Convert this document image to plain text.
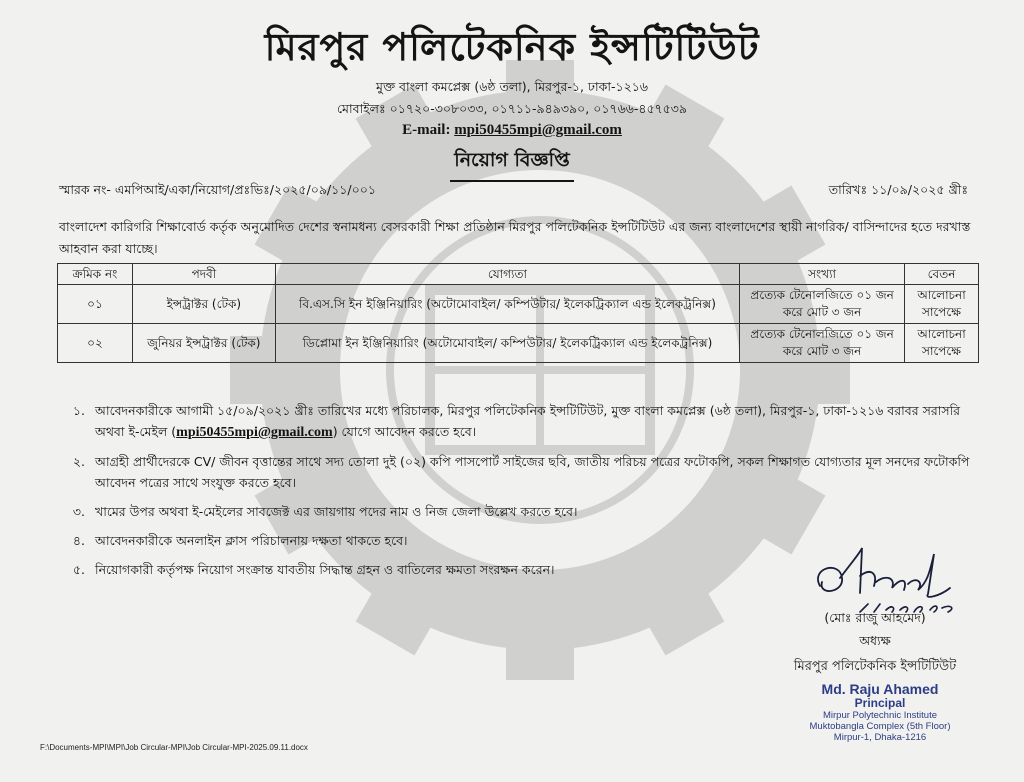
মিরপুর পলিটেকনিক ইন্সটিটিউট
মুক্ত বাংলা কমপ্লেক্স (৬ষ্ঠ তলা), মিরপুর-১, ঢাকা-১২১৬
মোবাইলঃ ০১৭২০-৩০৮০৩৩, ০১৭১১-৯৪৯৩৯০, ০১৭৬৬-৪৫৭৫৩৯
E-mail: mpi50455mpi@gmail.com
নিয়োগ বিজ্ঞপ্তি
স্মারক নং- এমপিআই/একা/নিয়োগ/প্রঃভিঃ/২০২৫/০৯/১১/০০১	তারিখঃ ১১/০৯/২০২৫ খ্রীঃ
বাংলাদেশ কারিগরি শিক্ষাবোর্ড কর্তৃক অনুমোদিত দেশের স্বনামধন্য বেসরকারী শিক্ষা প্রতিষ্ঠান মিরপুর পলিটেকনিক ইন্সটিটিউট এর জন্য বাংলাদেশের স্থায়ী নাগরিক/ বাসিন্দাদের হতে দরখাস্ত আহবান করা যাচ্ছে।
ক্রমিক নং	পদবী	যোগ্যতা	সংখ্যা	বেতন
০১	ইন্সট্রাক্টর (টেক)	বি.এস.সি ইন ইঞ্জিনিয়ারিং (অটোমোবাইল/ কম্পিউটার/ ইলেকট্রিক্যাল এন্ড ইলেকট্রনিক্স)	প্রত্যেক টেনোলজিতে ০১ জন করে মোট ৩ জন	আলোচনা সাপেক্ষে
০২	জুনিয়র ইন্সট্রাক্টর (টেক)	ডিপ্লোমা ইন ইঞ্জিনিয়ারিং (অটোমোবাইল/ কম্পিউটার/ ইলেকট্রিক্যাল এন্ড ইলেকট্রনিক্স)	প্রত্যেক টেনোলজিতে ০১ জন করে মোট ৩ জন	আলোচনা সাপেক্ষে
১. আবেদনকারীকে আগামী ১৫/০৯/২০২১ খ্রীঃ তারিখের মধ্যে পরিচালক, মিরপুর পলিটেকনিক ইন্সটিটিউট, মুক্ত বাংলা কমপ্লেক্স (৬ষ্ঠ তলা), মিরপুর-১, ঢাকা-১২১৬ বরাবর সরাসরি অথবা ই-মেইল (mpi50455mpi@gmail.com) যোগে আবেদন করতে হবে।
২. আগ্রহী প্রার্থীদেরকে CV/ জীবন বৃত্তান্তের সাথে সদ্য তোলা দুই (০২) কপি পাসপোর্ট সাইজের ছবি, জাতীয় পরিচয় পত্রের ফটোকপি, সকল শিক্ষাগত যোগ্যতার মূল সনদের ফটোকপি আবেদন পত্রের সাথে সংযুক্ত করতে হবে।
৩. খামের উপর অথবা ই-মেইলের সাবজেক্ট এর জায়গায় পদের নাম ও নিজ জেলা উল্লেখ করতে হবে।
৪. আবেদনকারীকে অনলাইন ক্লাস পরিচালনায় দক্ষতা থাকতে হবে।
৫. নিয়োগকারী কর্তৃপক্ষ নিয়োগ সংক্রান্ত যাবতীয় সিদ্ধান্ত গ্রহন ও বাতিলের ক্ষমতা সংরক্ষন করেন।
(মোঃ রাজু আহমেদ)
অধ্যক্ষ
মিরপুর পলিটেকনিক ইন্সটিটিউট
Md. Raju Ahamed
Principal
Mirpur Polytechnic Institute
Muktobangla Complex (5th Floor)
Mirpur-1, Dhaka-1216
F:\Documents-MPI\MPI\Job Circular-MPI\Job Circular-MPI-2025.09.11.docx
